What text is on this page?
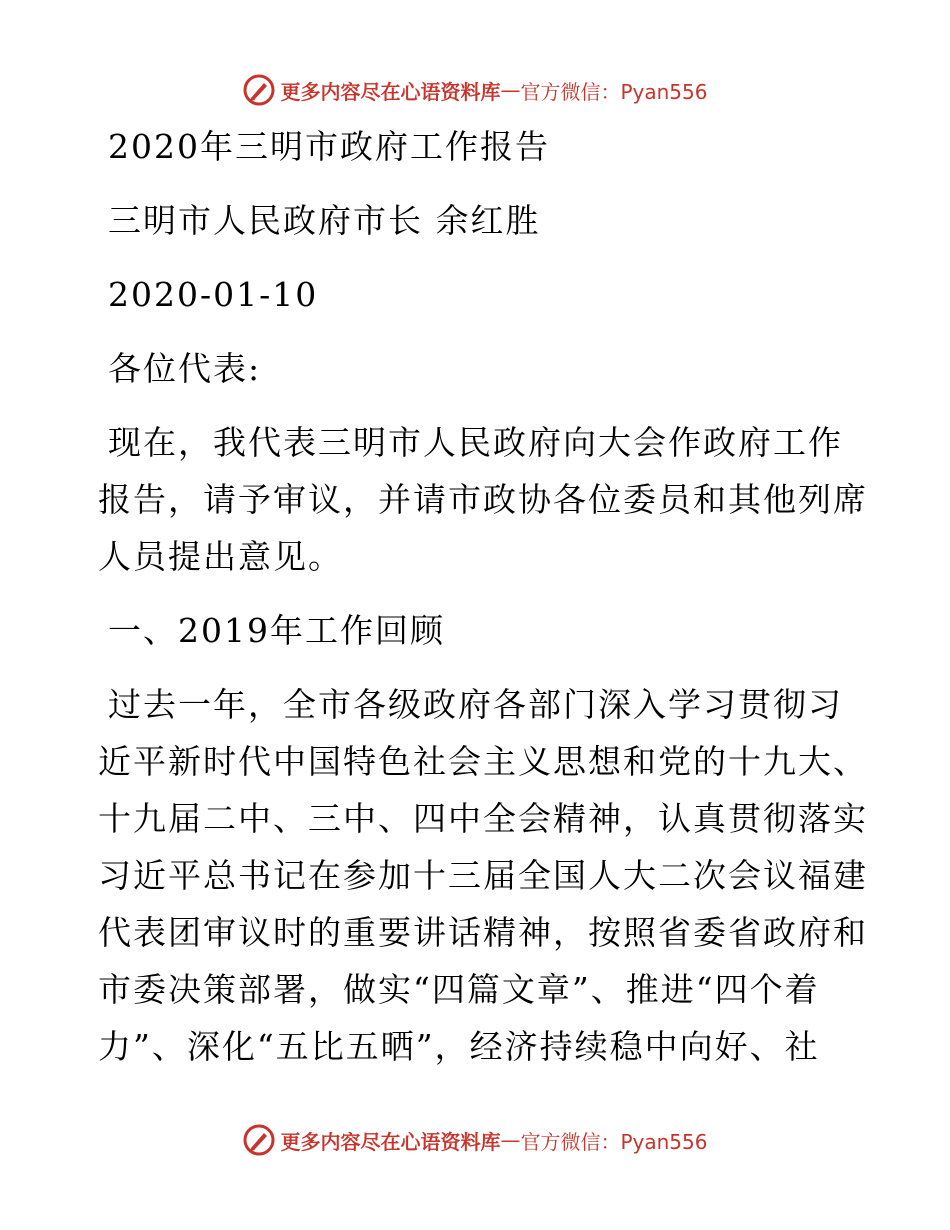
更多内容尽在心语资料库 — 官方微信：Pyan556

2020年三明市政府工作报告

三明市人民政府市长 余红胜

2020-01-10

各位代表:

现在，我代表三明市人民政府向大会作政府工作

报告，请予审议，并请市政协各位委员和其他列席

人员提出意见。

一、2019年工作回顾

过去一年，全市各级政府各部门深入学习贯彻习

近平新时代中国特色社会主义思想和党的十九大、

十九届二中、三中、四中全会精神，认真贯彻落实

习近平总书记在参加十三届全国人大二次会议福建

代表团审议时的重要讲话精神，按照省委省政府和

市委决策部署，做实“四篇文章”、推进“四个着

力”、深化“五比五晒”，经济持续稳中向好、社

更多内容尽在心语资料库 — 官方微信：Pyan556
